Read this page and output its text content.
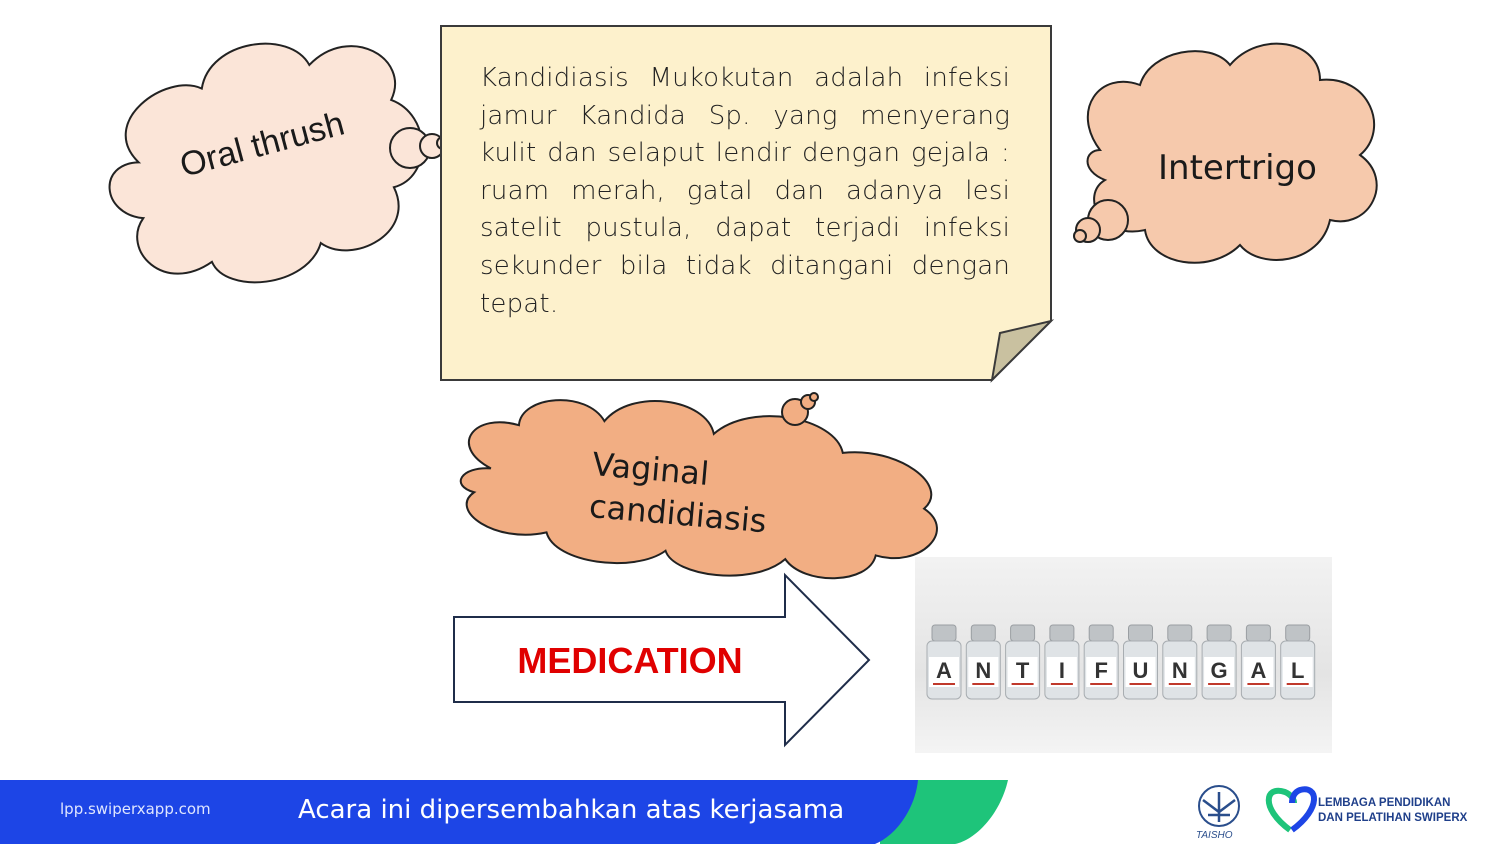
Oral thrush	Intertrigo
Kandidiasis Mukokutan adalah infeksi jamur Kandida Sp. yang menyerang kulit dan selaput lendir dengan gejala : ruam merah, gatal dan adanya lesi satelit pustula, dapat terjadi infeksi sekunder bila tidak ditangani dengan tepat.
Vaginal
candidiasis
MEDICATION	A N T I F U N G A L
lpp.swiperxapp.com	Acara ini dipersembahkan atas kerjasama
TAISHO
LEMBAGA PENDIDIKAN
DAN PELATIHAN SWIPERX
